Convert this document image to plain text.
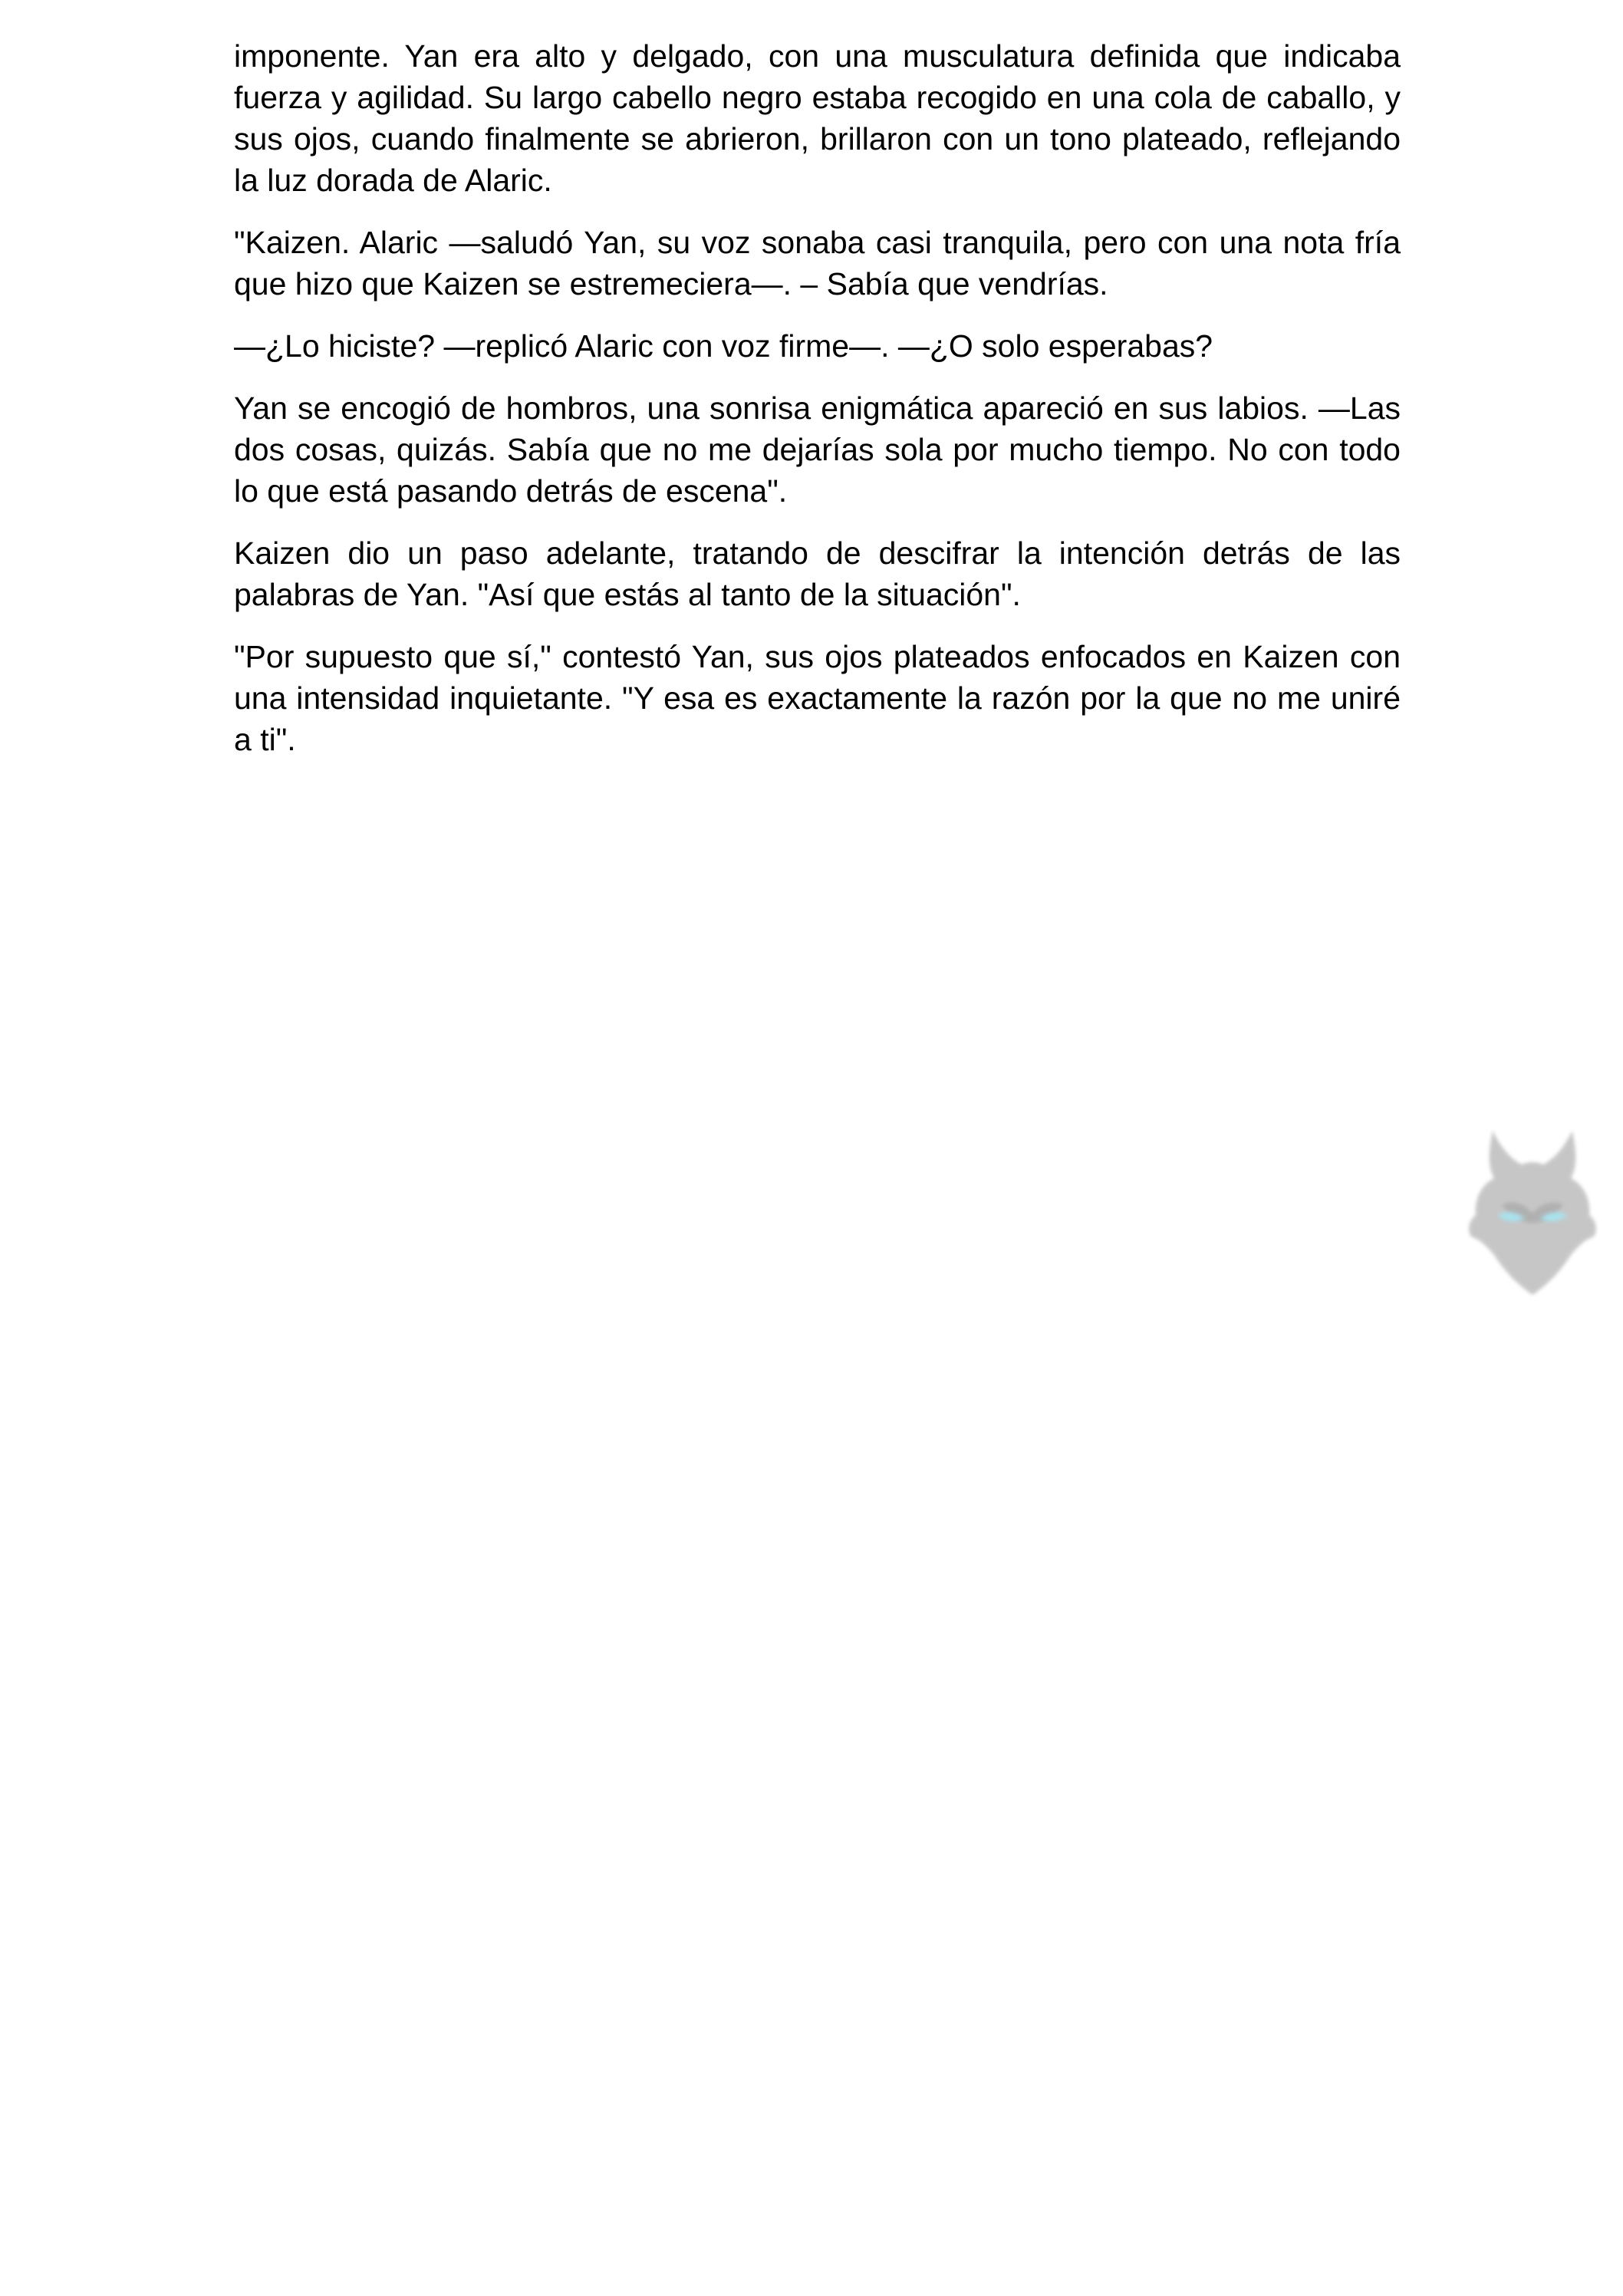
imponente. Yan era alto y delgado, con una musculatura definida que indicaba fuerza y agilidad. Su largo cabello negro estaba recogido en una cola de caballo, y sus ojos, cuando finalmente se abrieron, brillaron con un tono plateado, reflejando la luz dorada de Alaric.

"Kaizen. Alaric —saludó Yan, su voz sonaba casi tranquila, pero con una nota fría que hizo que Kaizen se estremeciera—. – Sabía que vendrías.

—¿Lo hiciste? —replicó Alaric con voz firme—. —¿O solo esperabas?

Yan se encogió de hombros, una sonrisa enigmática apareció en sus labios. —Las dos cosas, quizás. Sabía que no me dejarías sola por mucho tiempo. No con todo lo que está pasando detrás de escena".

Kaizen dio un paso adelante, tratando de descifrar la intención detrás de las palabras de Yan. "Así que estás al tanto de la situación".

"Por supuesto que sí," contestó Yan, sus ojos plateados enfocados en Kaizen con una intensidad inquietante. "Y esa es exactamente la razón por la que no me uniré a ti".
